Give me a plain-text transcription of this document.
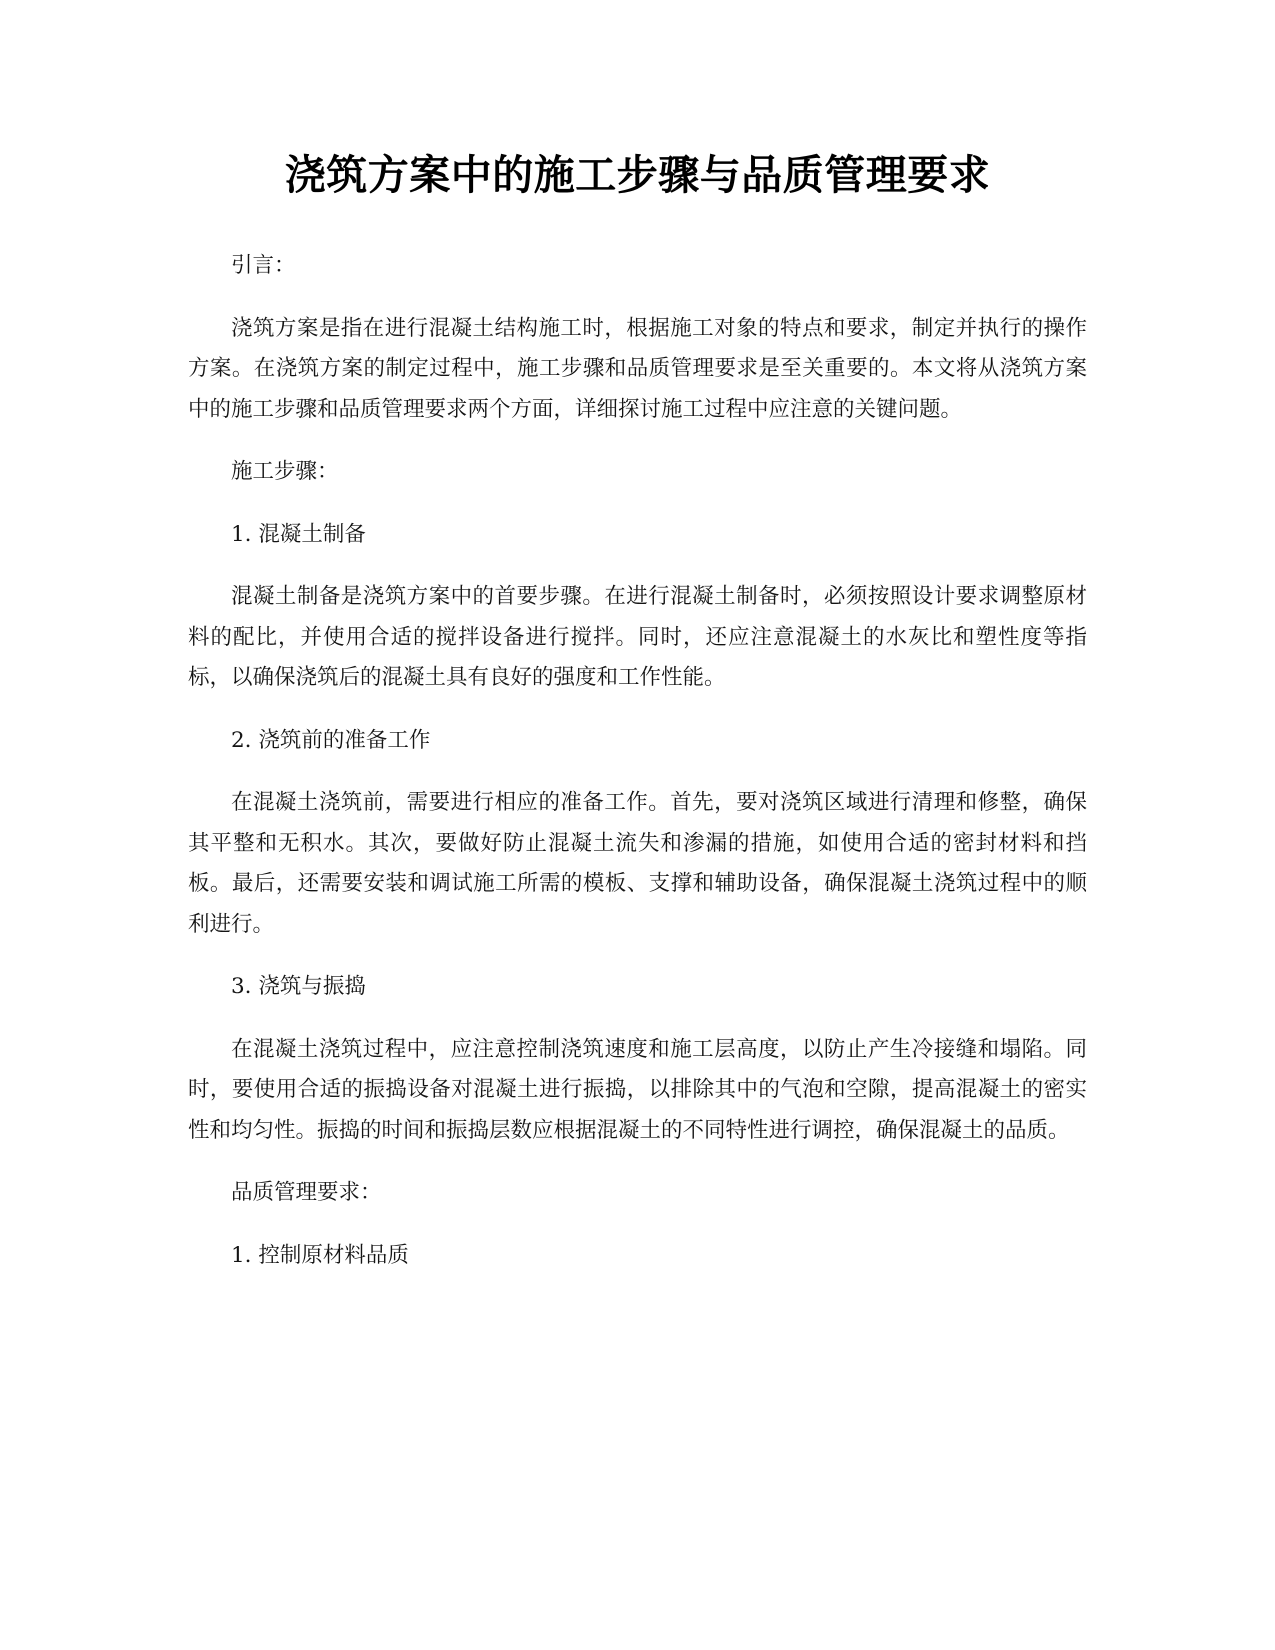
浇筑方案中的施工步骤与品质管理要求

引言：

浇筑方案是指在进行混凝土结构施工时，根据施工对象的特点和要求，制定并执行的操作方案。在浇筑方案的制定过程中，施工步骤和品质管理要求是至关重要的。本文将从浇筑方案中的施工步骤和品质管理要求两个方面，详细探讨施工过程中应注意的关键问题。

施工步骤：

1. 混凝土制备

混凝土制备是浇筑方案中的首要步骤。在进行混凝土制备时，必须按照设计要求调整原材料的配比，并使用合适的搅拌设备进行搅拌。同时，还应注意混凝土的水灰比和塑性度等指标，以确保浇筑后的混凝土具有良好的强度和工作性能。

2. 浇筑前的准备工作

在混凝土浇筑前，需要进行相应的准备工作。首先，要对浇筑区域进行清理和修整，确保其平整和无积水。其次，要做好防止混凝土流失和渗漏的措施，如使用合适的密封材料和挡板。最后，还需要安装和调试施工所需的模板、支撑和辅助设备，确保混凝土浇筑过程中的顺利进行。

3. 浇筑与振捣

在混凝土浇筑过程中，应注意控制浇筑速度和施工层高度，以防止产生冷接缝和塌陷。同时，要使用合适的振捣设备对混凝土进行振捣，以排除其中的气泡和空隙，提高混凝土的密实性和均匀性。振捣的时间和振捣层数应根据混凝土的不同特性进行调控，确保混凝土的品质。

品质管理要求：

1. 控制原材料品质
